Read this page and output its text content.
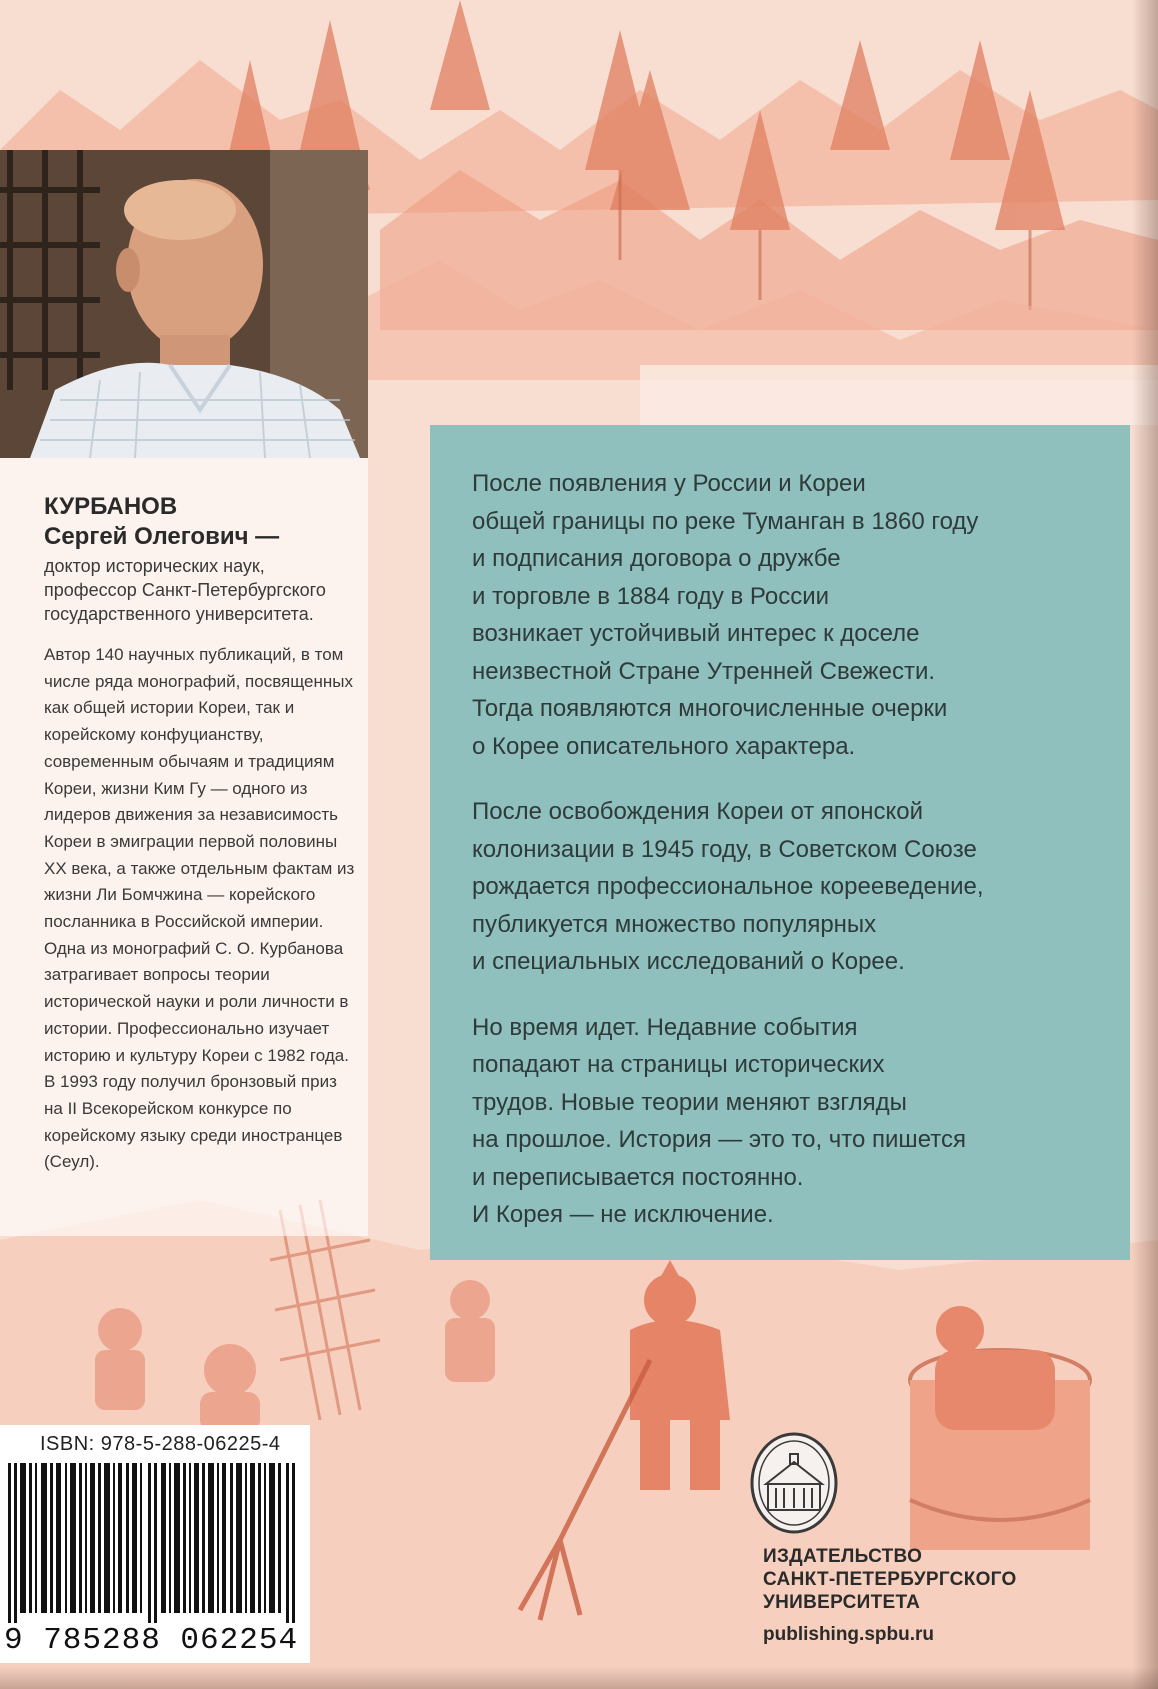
КУРБАНОВ

Сергей Олегович —

доктор исторических наук, профессор Санкт-Петербургского государственного университета.

Автор 140 научных публикаций, в том числе ряда монографий, посвященных как общей истории Кореи, так и корейскому конфуцианству, современным обычаям и традициям Кореи, жизни Ким Гу — одного из лидеров движения за независимость Кореи в эмиграции первой половины XX века, а также отдельным фактам из жизни Ли Бомчжина — корейского посланника в Российской империи. Одна из монографий С. О. Курбанова затрагивает вопросы теории исторической науки и роли личности в истории. Профессионально изучает историю и культуру Кореи с 1982 года. В 1993 году получил бронзовый приз на II Всекорейском конкурсе по корейскому языку среди иностранцев (Сеул).

После появления у России и Кореи
общей границы по реке Туманган в 1860 году
и подписания договора о дружбе
и торговле в 1884 году в России
возникает устойчивый интерес к доселе
неизвестной Стране Утренней Свежести.
Тогда появляются многочисленные очерки
о Корее описательного характера.

После освобождения Кореи от японской
колонизации в 1945 году, в Советском Союзе
рождается профессиональное корееведение,
публикуется множество популярных
и специальных исследований о Корее.

Но время идет. Недавние события
попадают на страницы исторических
трудов. Новые теории меняют взгляды
на прошлое. История — это то, что пишется
и переписывается постоянно.
И Корея — не исключение.

ISBN: 978-5-288-06225-4
9 785288 062254

ИЗДАТЕЛЬСТВО
САНКТ-ПЕТЕРБУРГСКОГО
УНИВЕРСИТЕТА

publishing.spbu.ru
